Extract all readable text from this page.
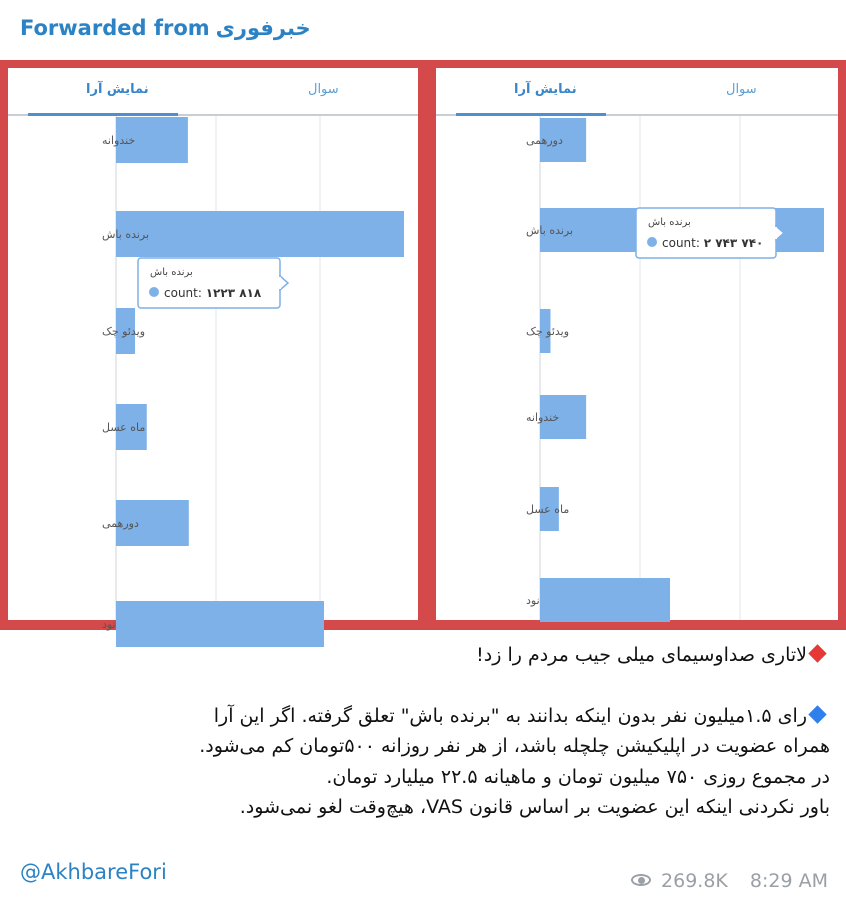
Forwarded from خبرفوری
سوال
نمایش آرا
خندوانه
برنده باش
ویدئو چک
ماه عسل
دورهمی
نود
برنده باش
count: ۱۲۲۳ ۸۱۸
سوال
نمایش آرا
دورهمی
برنده باش
ویدئو چک
خندوانه
ماه عسل
نود
برنده باش
count: ۲ ۷۴۳ ۷۴۰
لاتاری صداوسیمای میلی جیب مردم را زد!
رای ۱.۵میلیون نفر بدون اینکه بدانند به "برنده باش" تعلق گرفته. اگر این آرا
همراه عضویت در اپلیکیشن چلچله باشد، از هر نفر روزانه ۵۰۰تومان کم می‌شود.
در مجموع روزی ۷۵۰ میلیون تومان و ماهیانه ۲۲.۵ میلیارد تومان.
باور نکردنی اینکه این عضویت بر اساس قانون VAS، هیچ‌وقت لغو نمی‌شود.
@AkhbareFori	269.8K 8:29 AM
